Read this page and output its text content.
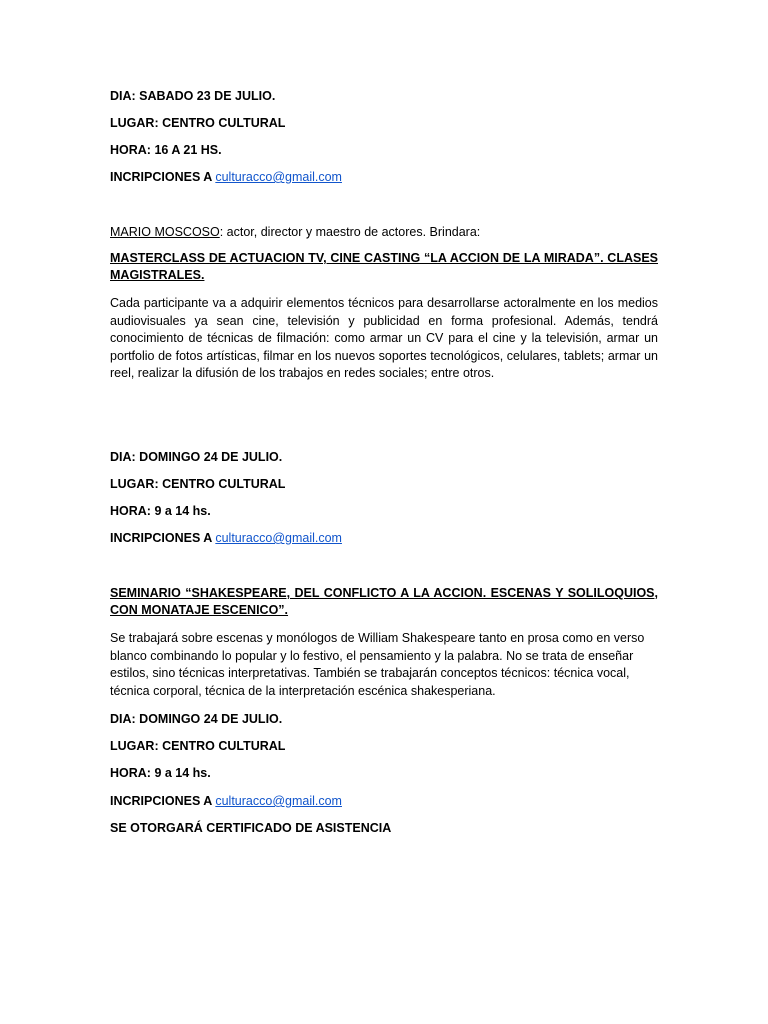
DIA: SABADO 23 DE JULIO.
LUGAR: CENTRO CULTURAL
HORA: 16 A 21 HS.
INCRIPCIONES A culturacco@gmail.com
MARIO MOSCOSO: actor, director y maestro de actores. Brindara:
MASTERCLASS DE ACTUACION TV, CINE CASTING “LA ACCION DE LA MIRADA”. CLASES MAGISTRALES.
Cada participante va a adquirir elementos técnicos para desarrollarse actoralmente en los medios audiovisuales ya sean cine, televisión y publicidad en forma profesional. Además, tendrá conocimiento de técnicas de filmación: como armar un CV para el cine y la televisión, armar un portfolio de fotos artísticas, filmar en los nuevos soportes tecnológicos, celulares, tablets; armar un reel, realizar la difusión de los trabajos en redes sociales; entre otros.
DIA: DOMINGO 24 DE JULIO.
LUGAR: CENTRO CULTURAL
HORA: 9 a 14 hs.
INCRIPCIONES A culturacco@gmail.com
SEMINARIO “SHAKESPEARE, DEL CONFLICTO A LA ACCION. ESCENAS Y SOLILOQUIOS, CON MONATAJE ESCENICO”.
Se trabajará sobre escenas y monólogos de William Shakespeare tanto en prosa como en verso blanco combinando lo popular y lo festivo, el pensamiento y la palabra. No se trata de enseñar estilos, sino técnicas interpretativas. También se trabajarán conceptos técnicos: técnica vocal, técnica corporal, técnica de la interpretación escénica shakesperiana.
DIA: DOMINGO 24 DE JULIO.
LUGAR: CENTRO CULTURAL
HORA: 9 a 14 hs.
INCRIPCIONES A culturacco@gmail.com
SE OTORGARÁ CERTIFICADO DE ASISTENCIA
